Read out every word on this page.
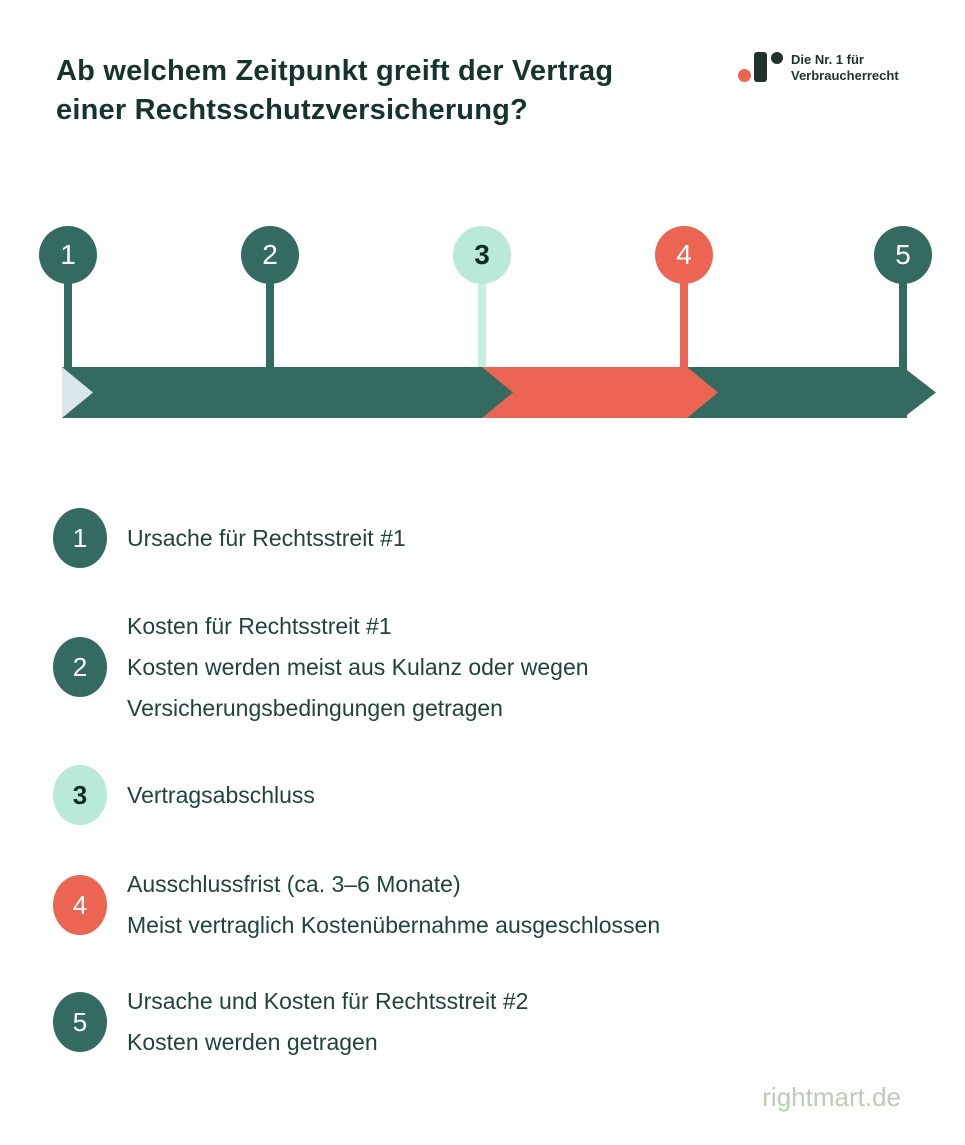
Ab welchem Zeitpunkt greift der Vertrag
einer Rechtsschutzversicherung?
Die Nr. 1 für
Verbraucherrecht
1	2	3	4	5
1 Ursache für Rechtsstreit #1
2
Kosten für Rechtsstreit #1
Kosten werden meist aus Kulanz oder wegen
Versicherungsbedingungen getragen
3 Vertragsabschluss
4
Ausschlussfrist (ca. 3–6 Monate)
Meist vertraglich Kostenübernahme ausgeschlossen
5
Ursache und Kosten für Rechtsstreit #2
Kosten werden getragen
rightmart.de
